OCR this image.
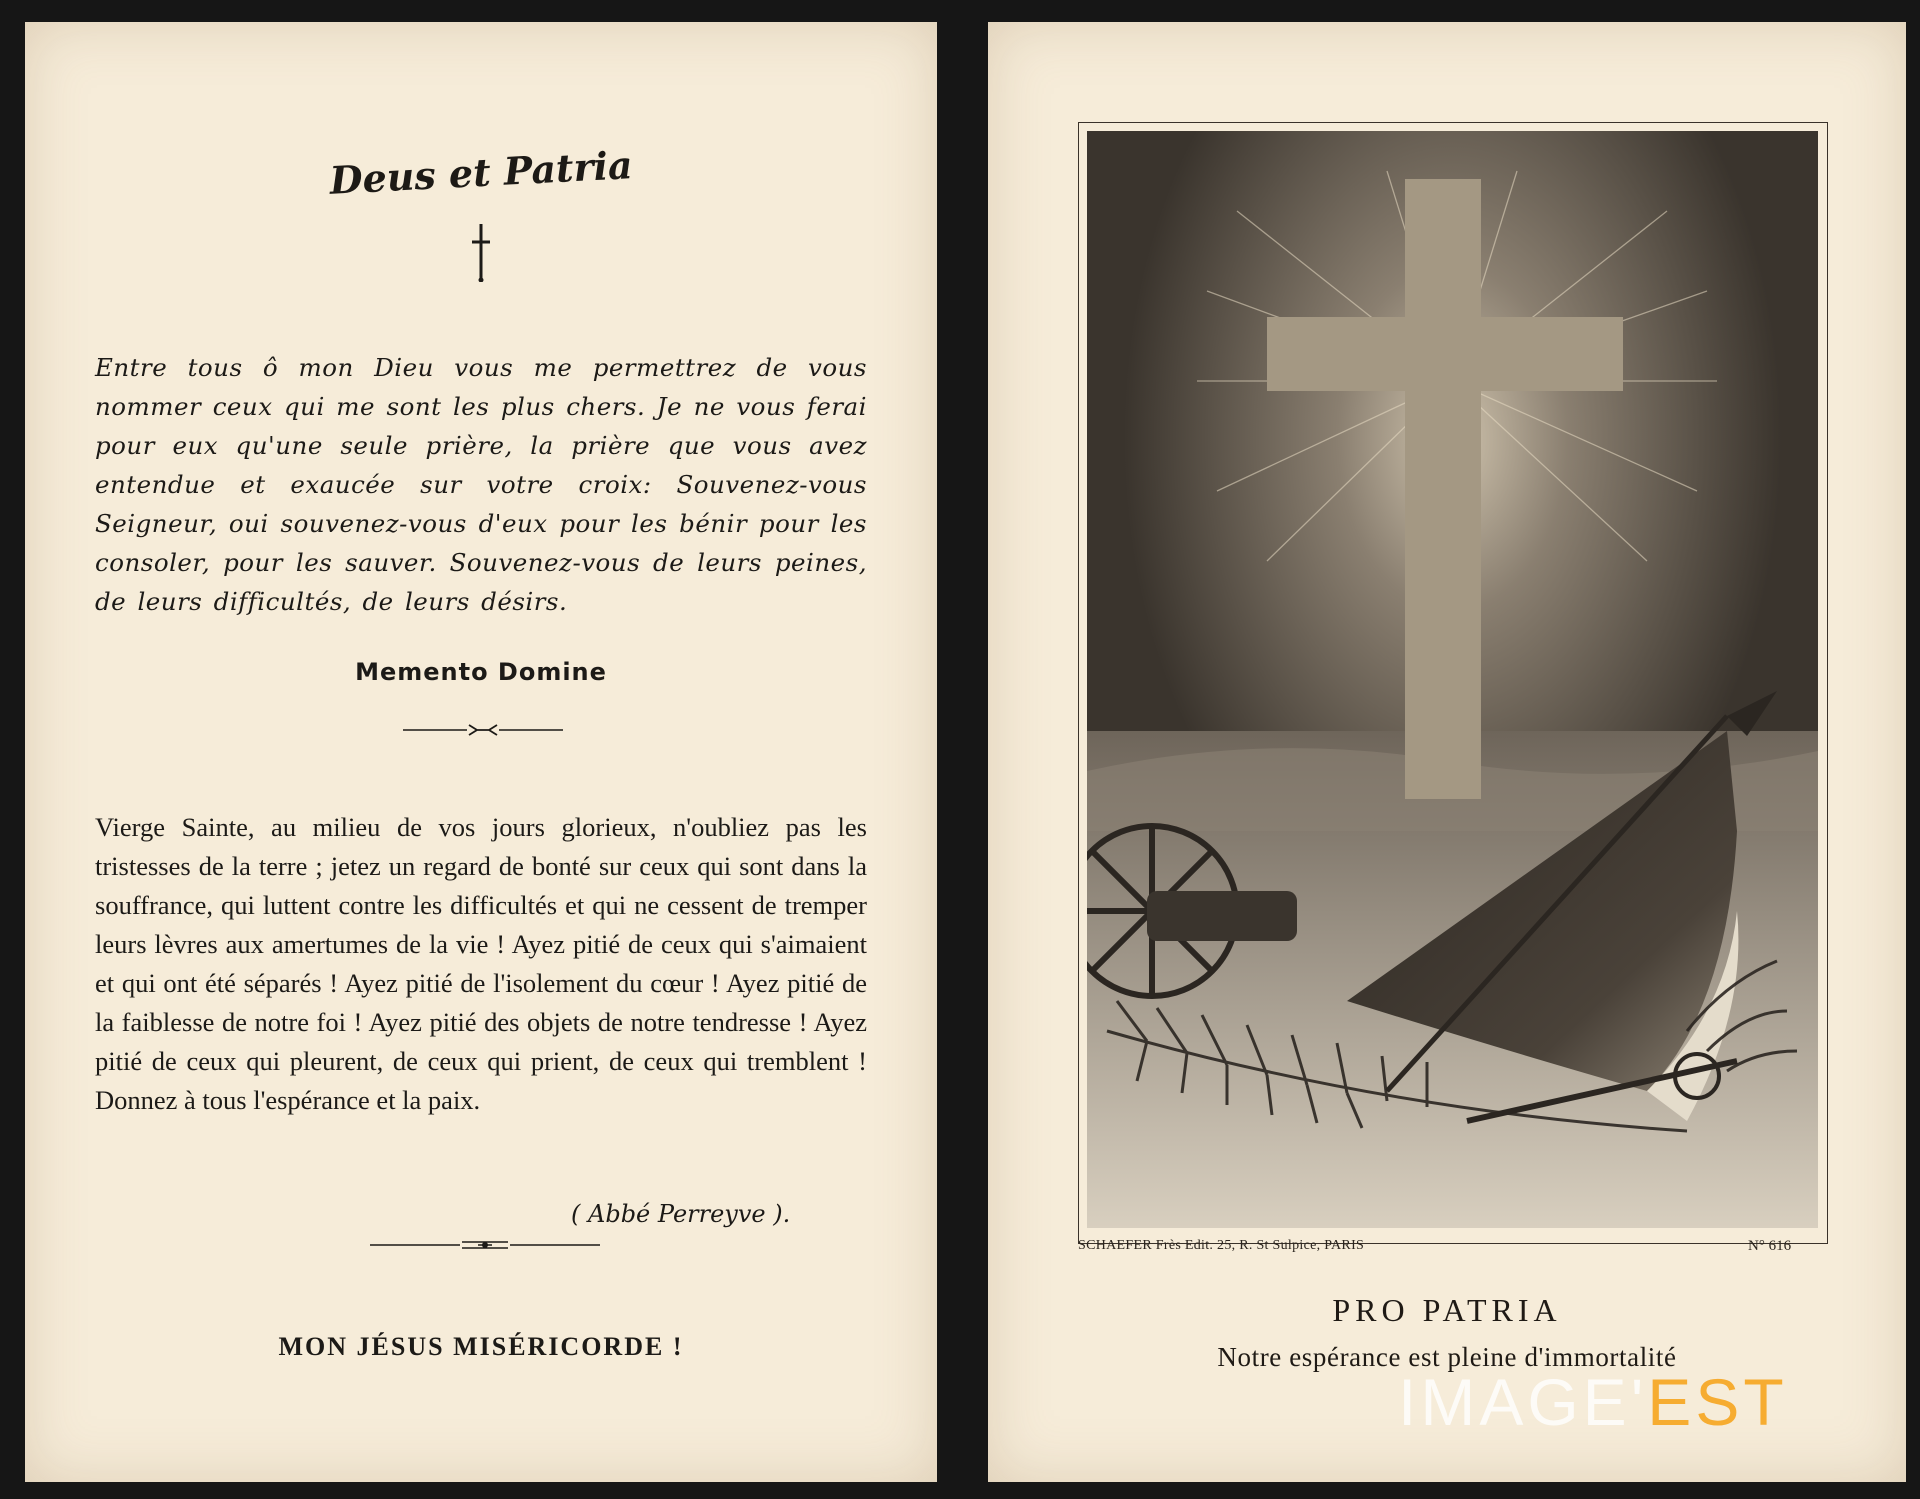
Deus et Patria
Entre tous ô mon Dieu vous me permettrez de vous nommer ceux qui me sont les plus chers. Je ne vous ferai pour eux qu'une seule prière, la prière que vous avez entendue et exaucée sur votre croix: Souvenez-vous Seigneur, oui souvenez-vous d'eux pour les bénir pour les consoler, pour les sauver. Souvenez-vous de leurs peines, de leurs difficultés, de leurs désirs.
Memento Domine
Vierge Sainte, au milieu de vos jours glorieux, n'oubliez pas les tristesses de la terre ; jetez un regard de bonté sur ceux qui sont dans la souffrance, qui luttent contre les difficultés et qui ne cessent de tremper leurs lèvres aux amertumes de la vie ! Ayez pitié de ceux qui s'aimaient et qui ont été séparés ! Ayez pitié de l'isolement du cœur ! Ayez pitié de la faiblesse de notre foi ! Ayez pitié des objets de notre tendresse ! Ayez pitié de ceux qui pleurent, de ceux qui prient, de ceux qui tremblent ! Donnez à tous l'espérance et la paix.
( Abbé Perreyve ).
MON JÉSUS MISÉRICORDE !
SCHAEFER Frès Edit. 25, R. St Sulpice, PARIS	N° 616
PRO PATRIA
Notre espérance est pleine d'immortalité
IMAGE'EST
